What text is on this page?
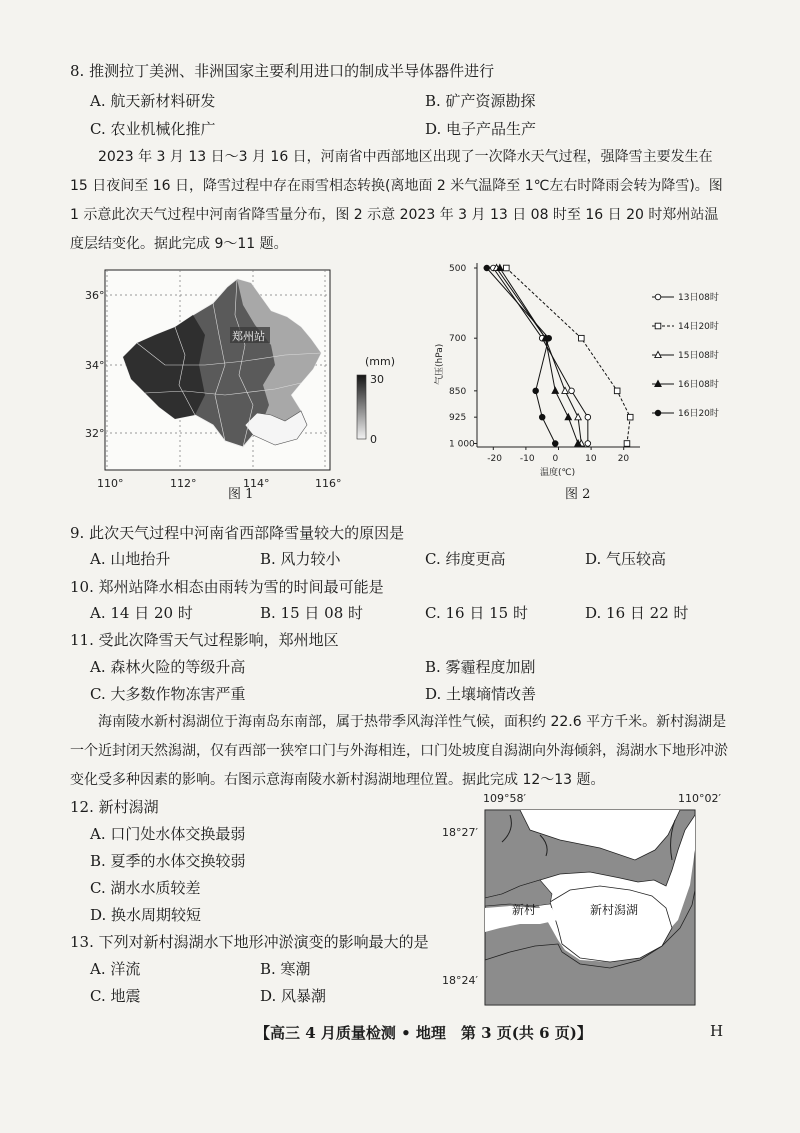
8. 推测拉丁美洲、非洲国家主要利用进口的制成半导体器件进行
A. 航天新材料研发	B. 矿产资源勘探
C. 农业机械化推广	D. 电子产品生产
2023 年 3 月 13 日～3 月 16 日，河南省中西部地区出现了一次降水天气过程，强降雪主要发生在 15 日夜间至 16 日，降雪过程中存在雨雪相态转换(离地面 2 米气温降至 1℃左右时降雨会转为降雪)。图 1 示意此次天气过程中河南省降雪量分布，图 2 示意 2023 年 3 月 13 日 08 时至 16 日 20 时郑州站温度层结变化。据此完成 9～11 题。
郑州站
36°
34°
32°
110°	112°	114°	116°
(mm)
30
0
图 1
气压(hPa)
温度(℃)
-20 -10 0	10 20
500
700
850
925
1 000
13日08时
14日20时
15日08时
16日08时
16日20时
图 2
9. 此次天气过程中河南省西部降雪量较大的原因是
A. 山地抬升	B. 风力较小	C. 纬度更高	D. 气压较高
10. 郑州站降水相态由雨转为雪的时间最可能是
A. 14 日 20 时	B. 15 日 08 时	C. 16 日 15 时	D. 16 日 22 时
11. 受此次降雪天气过程影响，郑州地区
A. 森林火险的等级升高	B. 雾霾程度加剧
C. 大多数作物冻害严重	D. 土壤墒情改善
海南陵水新村潟湖位于海南岛东南部，属于热带季风海洋性气候，面积约 22.6 平方千米。新村潟湖是一个近封闭天然潟湖，仅有西部一狭窄口门与外海相连，口门处坡度自潟湖向外海倾斜，潟湖水下地形冲淤变化受多种因素的影响。右图示意海南陵水新村潟湖地理位置。据此完成 12～13 题。
12. 新村潟湖
A. 口门处水体交换最弱
B. 夏季的水体交换较弱
C. 湖水水质较差
D. 换水周期较短
13. 下列对新村潟湖水下地形冲淤演变的影响最大的是
A. 洋流	B. 寒潮
C. 地震	D. 风暴潮
109°58′	110°02′
18°27′
18°24′
新村	新村潟湖
【高三 4 月质量检测 • 地理　第 3 页(共 6 页)】	H
